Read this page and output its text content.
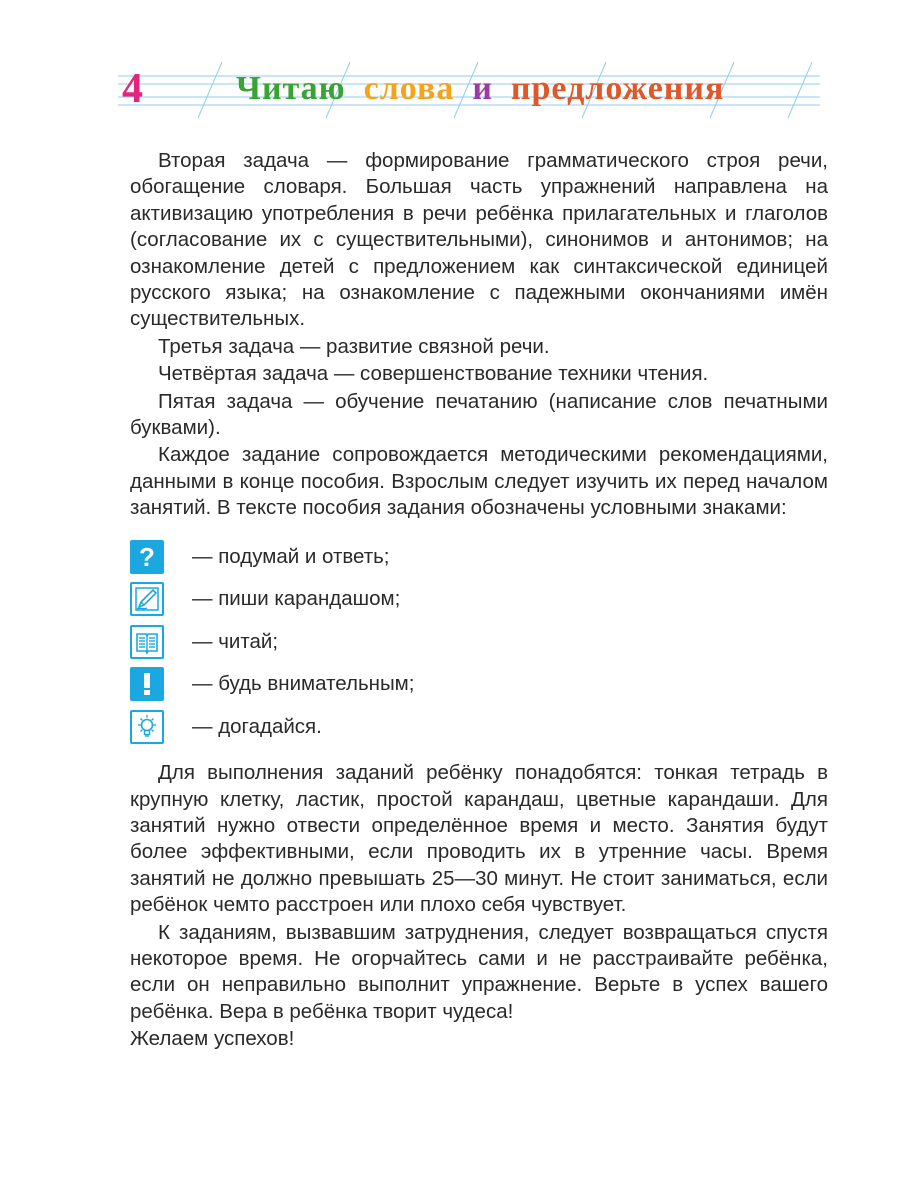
4	Читаю слова и предложения

Вторая задача — формирование грамматического строя речи, обогащение словаря. Большая часть упражнений направлена на активизацию употребления в речи ребёнка прилагательных и глаголов (согласование их с существительными), синонимов и антонимов; на ознакомление детей с предложением как синтаксической единицей русского языка; на ознакомление с падежными окончаниями имён существительных.

Третья задача — развитие связной речи.

Четвёртая задача — совершенствование техники чтения.

Пятая задача — обучение печатанию (написание слов печатными буквами).

Каждое задание сопровождается методическими рекомендациями, данными в конце пособия. Взрослым следует изучить их перед началом занятий. В тексте пособия задания обозначены условными знаками:

? — подумай и ответь;
— пиши карандашом;
— читай;
— будь внимательным;
— догадайся.

Для выполнения заданий ребёнку понадобятся: тонкая тетрадь в крупную клетку, ластик, простой карандаш, цветные карандаши. Для занятий нужно отвести определённое время и место. Занятия будут более эффективными, если проводить их в утренние часы. Время занятий не должно превышать 25—30 минут. Не стоит заниматься, если ребёнок чемто расстроен или плохо себя чувствует.

К заданиям, вызвавшим затруднения, следует возвращаться спустя некоторое время. Не огорчайтесь сами и не расстраивайте ребёнка, если он неправильно выполнит упражнение. Верьте в успех вашего ребёнка. Вера в ребёнка творит чудеса!

Желаем успехов!
